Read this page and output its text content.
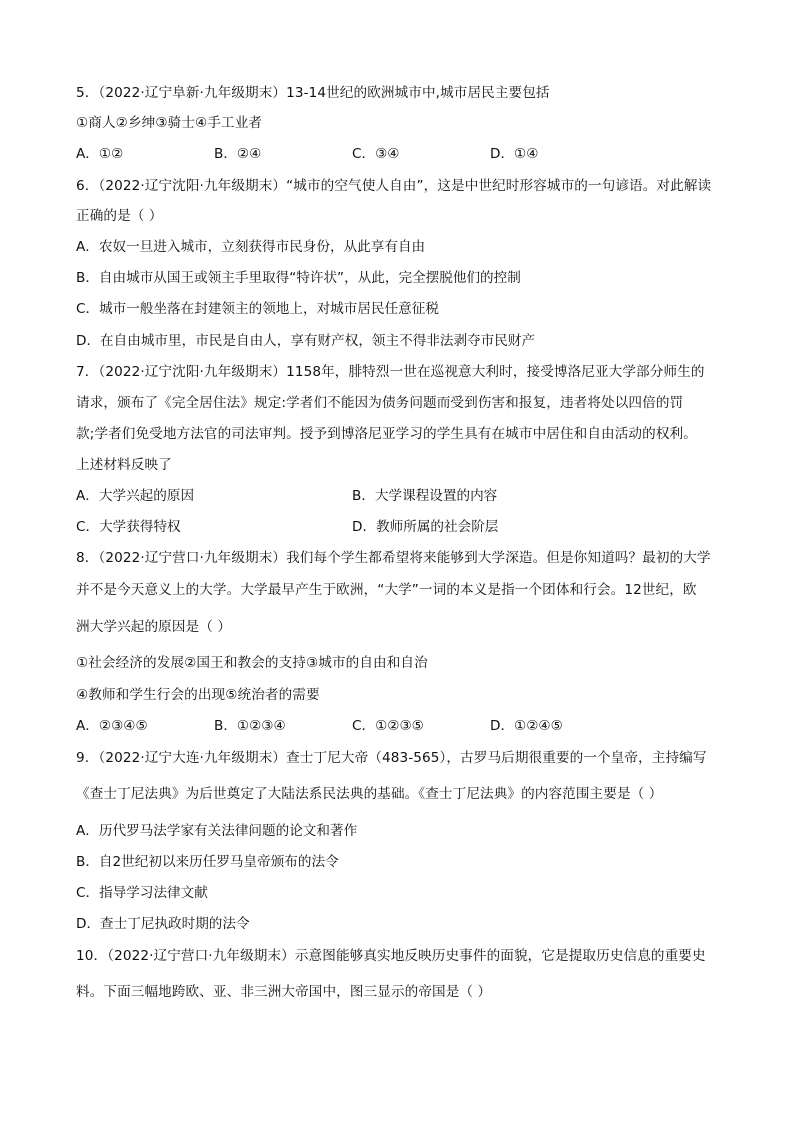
5．（2022·辽宁阜新·九年级期末）13-14世纪的欧洲城市中,城市居民主要包括
①商人②乡绅③骑士④手工业者
A．①②	B．②④	C．③④	D．①④
6．（2022·辽宁沈阳·九年级期末）“城市的空气使人自由”，这是中世纪时形容城市的一句谚语。对此解读
正确的是（ ）
A．农奴一旦进入城市，立刻获得市民身份，从此享有自由
B．自由城市从国王或领主手里取得“特许状”，从此，完全摆脱他们的控制
C．城市一般坐落在封建领主的领地上，对城市居民任意征税
D．在自由城市里，市民是自由人，享有财产权，领主不得非法剥夺市民财产
7．（2022·辽宁沈阳·九年级期末）1158年，腓特烈一世在巡视意大利时，接受博洛尼亚大学部分师生的
请求，颁布了《完全居住法》规定:学者们不能因为债务问题而受到伤害和报复，违者将处以四倍的罚
款;学者们免受地方法官的司法审判。授予到博洛尼亚学习的学生具有在城市中居住和自由活动的权利。
上述材料反映了
A．大学兴起的原因	B．大学课程设置的内容
C．大学获得特权	D．教师所属的社会阶层
8．（2022·辽宁营口·九年级期末）我们每个学生都希望将来能够到大学深造。但是你知道吗？最初的大学
并不是今天意义上的大学。大学最早产生于欧洲，“大学”一词的本义是指一个团体和行会。12世纪，欧
洲大学兴起的原因是（ ）
①社会经济的发展②国王和教会的支持③城市的自由和自治
④教师和学生行会的出现⑤统治者的需要
A．②③④⑤	B．①②③④	C．①②③⑤	D．①②④⑤
9．（2022·辽宁大连·九年级期末）查士丁尼大帝（483-565），古罗马后期很重要的一个皇帝，主持编写
《查士丁尼法典》为后世奠定了大陆法系民法典的基础。《查士丁尼法典》的内容范围主要是（ ）
A．历代罗马法学家有关法律问题的论文和著作
B．自2世纪初以来历任罗马皇帝颁布的法令
C．指导学习法律文献
D．查士丁尼执政时期的法令
10．（2022·辽宁营口·九年级期末）示意图能够真实地反映历史事件的面貌，它是提取历史信息的重要史
料。下面三幅地跨欧、亚、非三洲大帝国中，图三显示的帝国是（ ）
